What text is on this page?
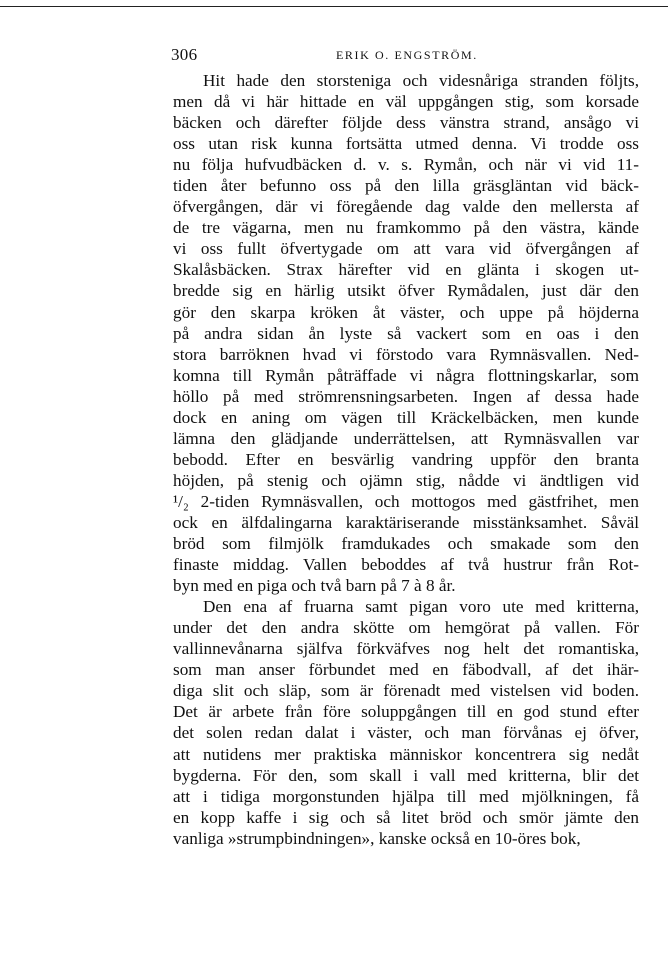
306	ERIK O. ENGSTRÖM.
Hit hade den storsteniga och videsnåriga stranden följts,
men då vi här hittade en väl uppgången stig, som korsade
bäcken och därefter följde dess vänstra strand, ansågo vi
oss utan risk kunna fortsätta utmed denna. Vi trodde oss
nu följa hufvudbäcken d. v. s. Rymån, och när vi vid 11-
tiden åter befunno oss på den lilla gräsgläntan vid bäck-
öfvergången, där vi föregående dag valde den mellersta af
de tre vägarna, men nu framkommo på den västra, kände
vi oss fullt öfvertygade om att vara vid öfvergången af
Skalåsbäcken. Strax härefter vid en glänta i skogen ut-
bredde sig en härlig utsikt öfver Rymådalen, just där den
gör den skarpa kröken åt väster, och uppe på höjderna
på andra sidan ån lyste så vackert som en oas i den
stora barröknen hvad vi förstodo vara Rymnäsvallen. Ned-
komna till Rymån påträffade vi några flottningskarlar, som
höllo på med strömrensningsarbeten. Ingen af dessa hade
dock en aning om vägen till Kräckelbäcken, men kunde
lämna den glädjande underrättelsen, att Rymnäsvallen var
bebodd. Efter en besvärlig vandring uppför den branta
höjden, på stenig och ojämn stig, nådde vi ändtligen vid
¹/₂ 2-tiden Rymnäsvallen, och mottogos med gästfrihet, men
ock en älfdalingarna karaktäriserande misstänksamhet. Såväl
bröd som filmjölk framdukades och smakade som den
finaste middag. Vallen beboddes af två hustrur från Rot-
byn med en piga och två barn på 7 à 8 år.
Den ena af fruarna samt pigan voro ute med kritterna,
under det den andra skötte om hemgörat på vallen. För
vallinnevånarna själfva förkväfves nog helt det romantiska,
som man anser förbundet med en fäbodvall, af det ihär-
diga slit och släp, som är förenadt med vistelsen vid boden.
Det är arbete från före soluppgången till en god stund efter
det solen redan dalat i väster, och man förvånas ej öfver,
att nutidens mer praktiska människor koncentrera sig nedåt
bygderna. För den, som skall i vall med kritterna, blir det
att i tidiga morgonstunden hjälpa till med mjölkningen, få
en kopp kaffe i sig och så litet bröd och smör jämte den
vanliga »strumpbindningen», kanske också en 10-öres bok,
